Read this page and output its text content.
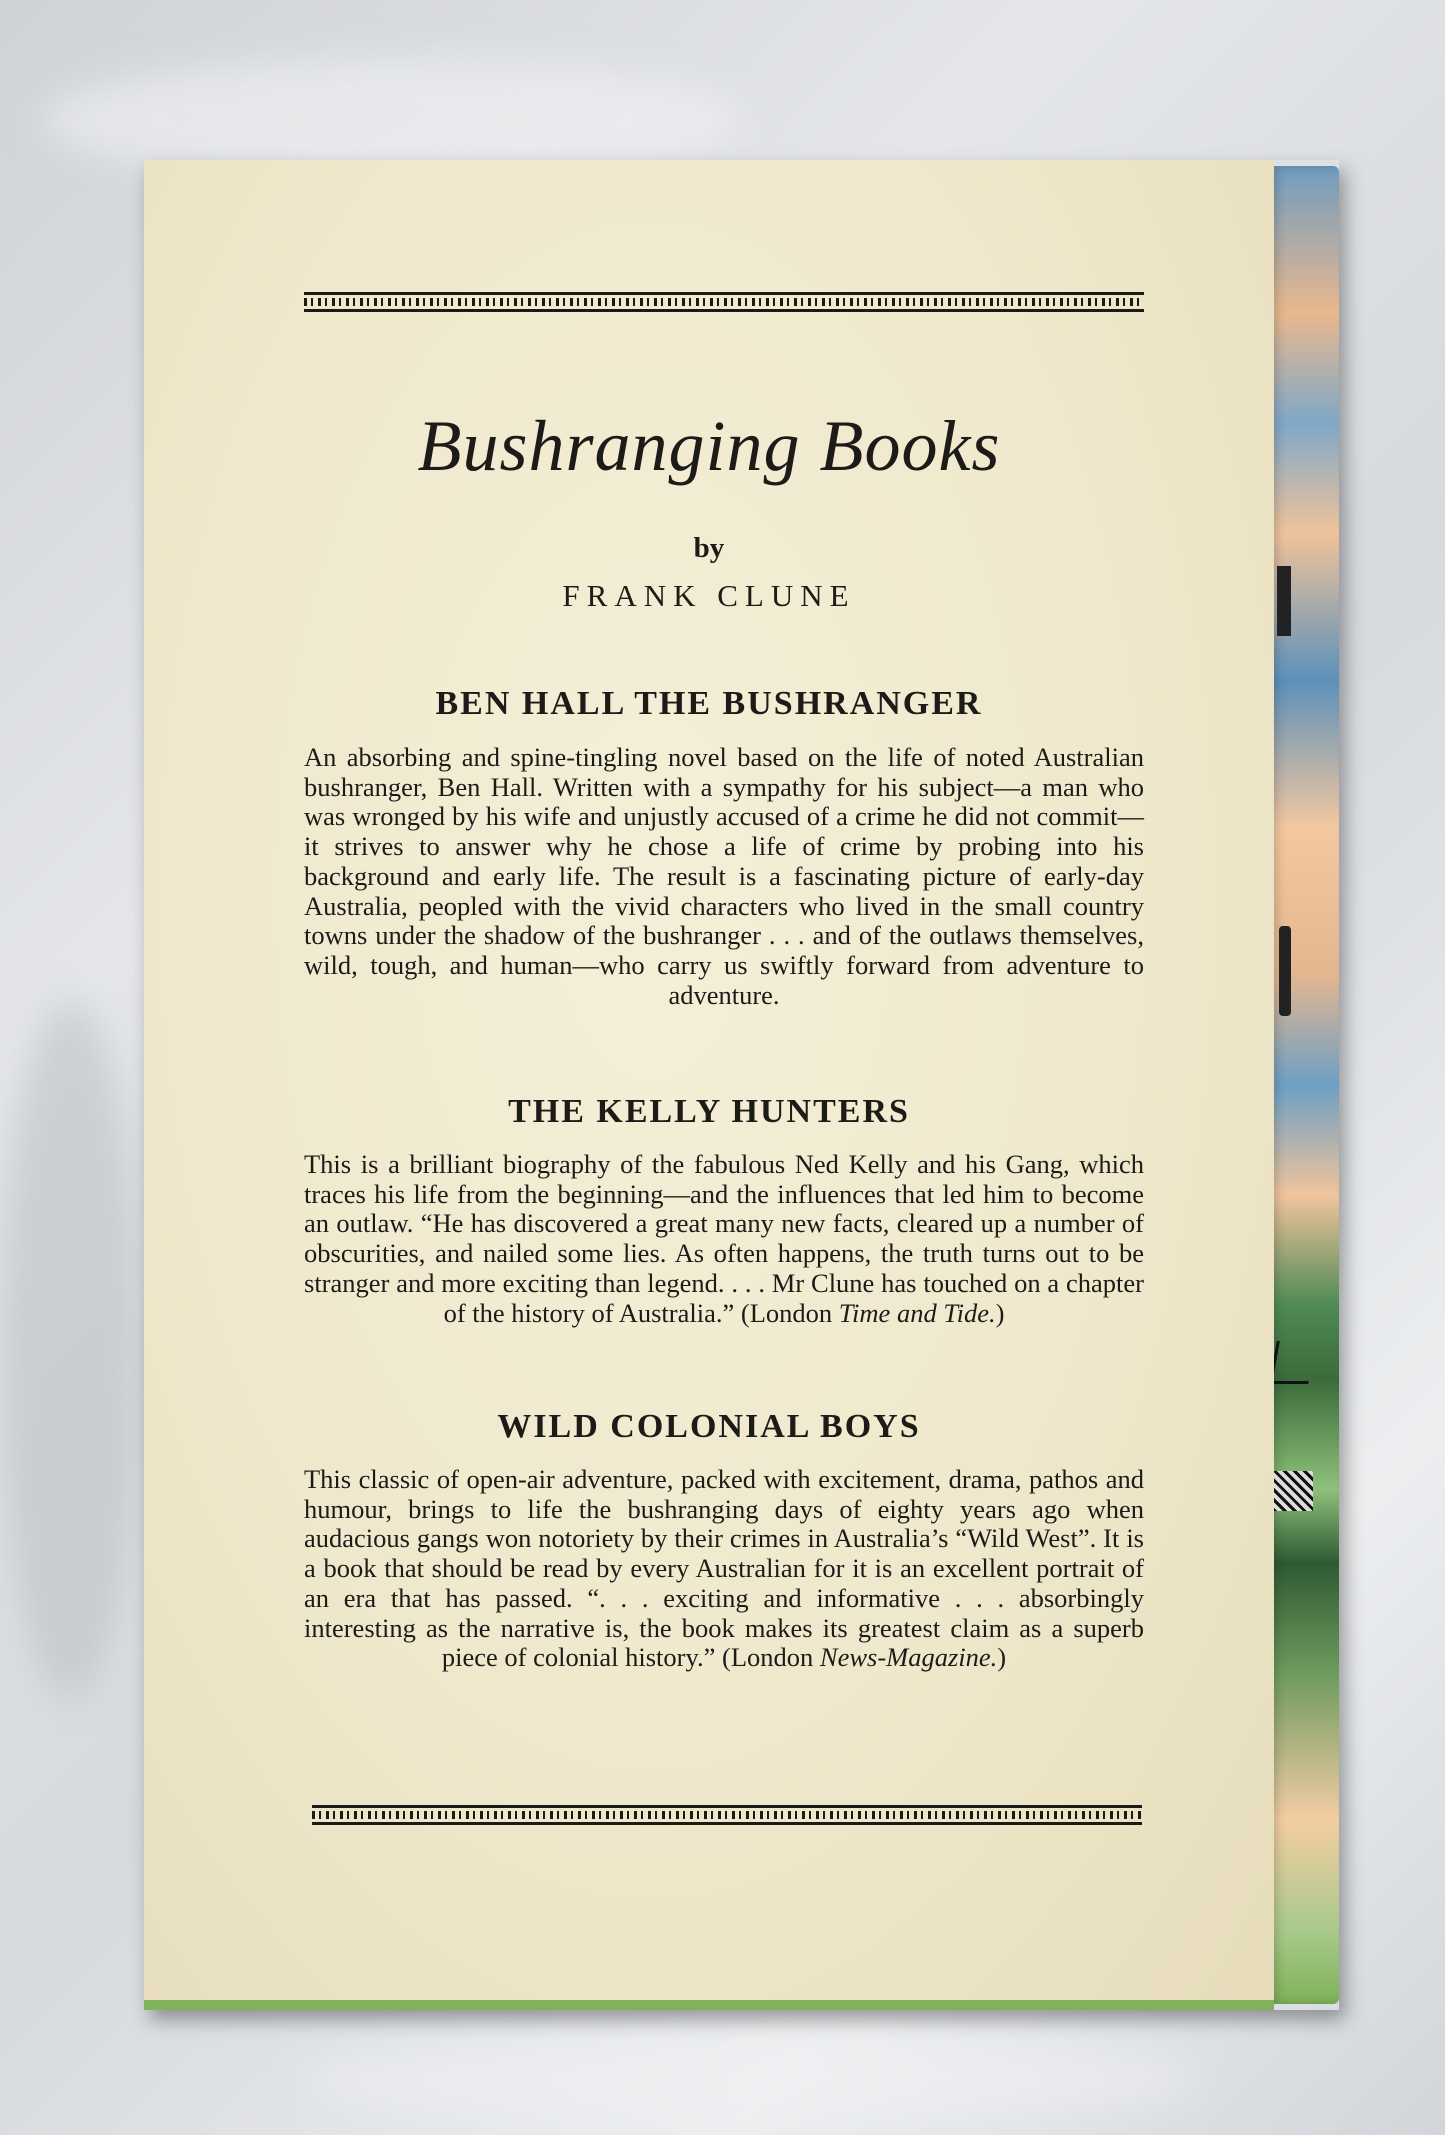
Bushranging Books
by
FRANK CLUNE
BEN HALL THE BUSHRANGER
An absorbing and spine-tingling novel based on the life of noted Australian bushranger, Ben Hall. Written with a sympathy for his subject—a man who was wronged by his wife and unjustly accused of a crime he did not commit—it strives to answer why he chose a life of crime by probing into his background and early life. The result is a fascinating picture of early-day Australia, peopled with the vivid characters who lived in the small country towns under the shadow of the bushranger . . . and of the outlaws themselves, wild, tough, and human—who carry us swiftly forward from adventure to adventure.
THE KELLY HUNTERS
This is a brilliant biography of the fabulous Ned Kelly and his Gang, which traces his life from the beginning—and the influences that led him to become an outlaw. “He has discovered a great many new facts, cleared up a number of obscurities, and nailed some lies. As often happens, the truth turns out to be stranger and more exciting than legend. . . . Mr Clune has touched on a chapter of the history of Australia.” (London Time and Tide.)
WILD COLONIAL BOYS
This classic of open-air adventure, packed with excitement, drama, pathos and humour, brings to life the bushranging days of eighty years ago when audacious gangs won notoriety by their crimes in Australia’s “Wild West”. It is a book that should be read by every Australian for it is an excellent portrait of an era that has passed. “. . . exciting and informative . . . absorbingly interesting as the narrative is, the book makes its greatest claim as a superb piece of colonial history.” (London News-Magazine.)
